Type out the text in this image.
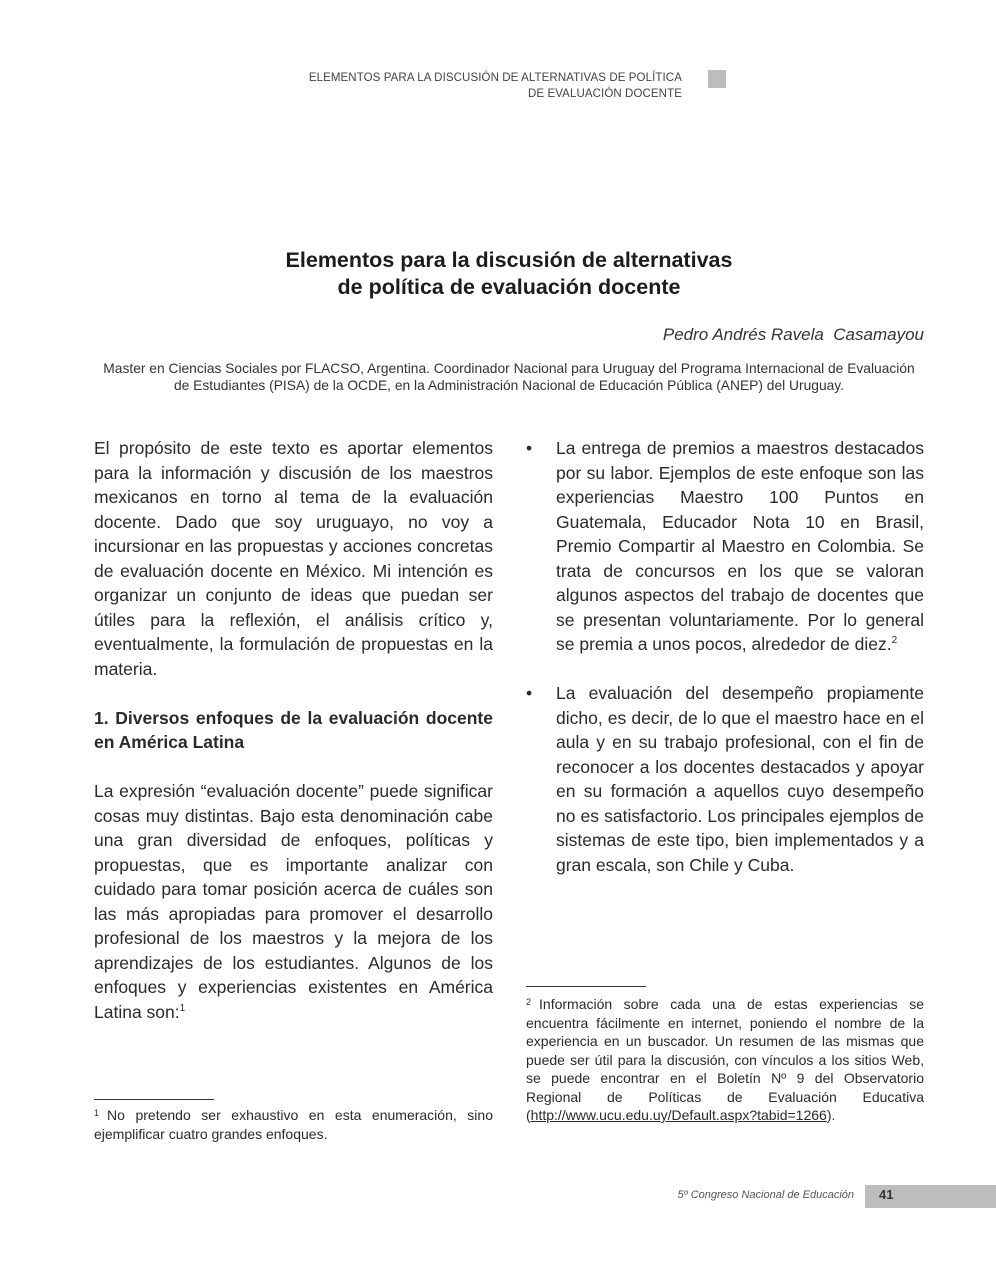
ELEMENTOS PARA LA DISCUSIÓN DE ALTERNATIVAS DE POLÍTICA
DE EVALUACIÓN DOCENTE
Elementos para la discusión de alternativas
de política de evaluación docente
Pedro Andrés Ravela  Casamayou
Master en Ciencias Sociales por FLACSO, Argentina. Coordinador Nacional para Uruguay del Programa Internacional de Evaluación de Estudiantes (PISA) de la OCDE, en la Administración Nacional de Educación Pública (ANEP) del Uruguay.

El propósito de este texto es aportar elementos para la información y discusión de los maestros mexicanos en torno al tema de la evaluación docente. Dado que soy uruguayo, no voy a incursionar en las propuestas y acciones concretas de evaluación docente en México. Mi intención es organizar un conjunto de ideas que puedan ser útiles para la reflexión, el análisis crítico y, eventualmente, la formulación de propuestas en la materia.

1. Diversos enfoques de la evaluación docente en América Latina

La expresión “evaluación docente” puede significar cosas muy distintas. Bajo esta denominación cabe una gran diversidad de enfoques, políticas y propuestas, que es importante analizar con cuidado para tomar posición acerca de cuáles son las más apropiadas para promover el desarrollo profesional de los maestros y la mejora de los aprendizajes de los estudiantes. Algunos de los enfoques y experiencias existentes en América Latina son:$^1$

• La entrega de premios a maestros destacados por su labor. Ejemplos de este enfoque son las experiencias Maestro 100 Puntos en Guatemala, Educador Nota 10 en Brasil, Premio Compartir al Maestro en Colombia. Se trata de concursos en los que se valoran algunos aspectos del trabajo de docentes que se presentan voluntariamente. Por lo general se premia a unos pocos, alrededor de diez.$^2$

• La evaluación del desempeño propiamente dicho, es decir, de lo que el maestro hace en el aula y en su trabajo profesional, con el fin de reconocer a los docentes destacados y apoyar en su formación a aquellos cuyo desempeño no es satisfactorio. Los principales ejemplos de sistemas de este tipo, bien implementados y a gran escala, son Chile y Cuba.

$^1$ No pretendo ser exhaustivo en esta enumeración, sino ejemplificar cuatro grandes enfoques.

$^2$ Información sobre cada una de estas experiencias se encuentra fácilmente en internet, poniendo el nombre de la experiencia en un buscador. Un resumen de las mismas que puede ser útil para la discusión, con vínculos a los sitios Web, se puede encontrar en el Boletín Nº 9 del Observatorio Regional de Políticas de Evaluación Educativa (http://www.ucu.edu.uy/Default.aspx?tabid=1266).

5º Congreso Nacional de Educación 41
